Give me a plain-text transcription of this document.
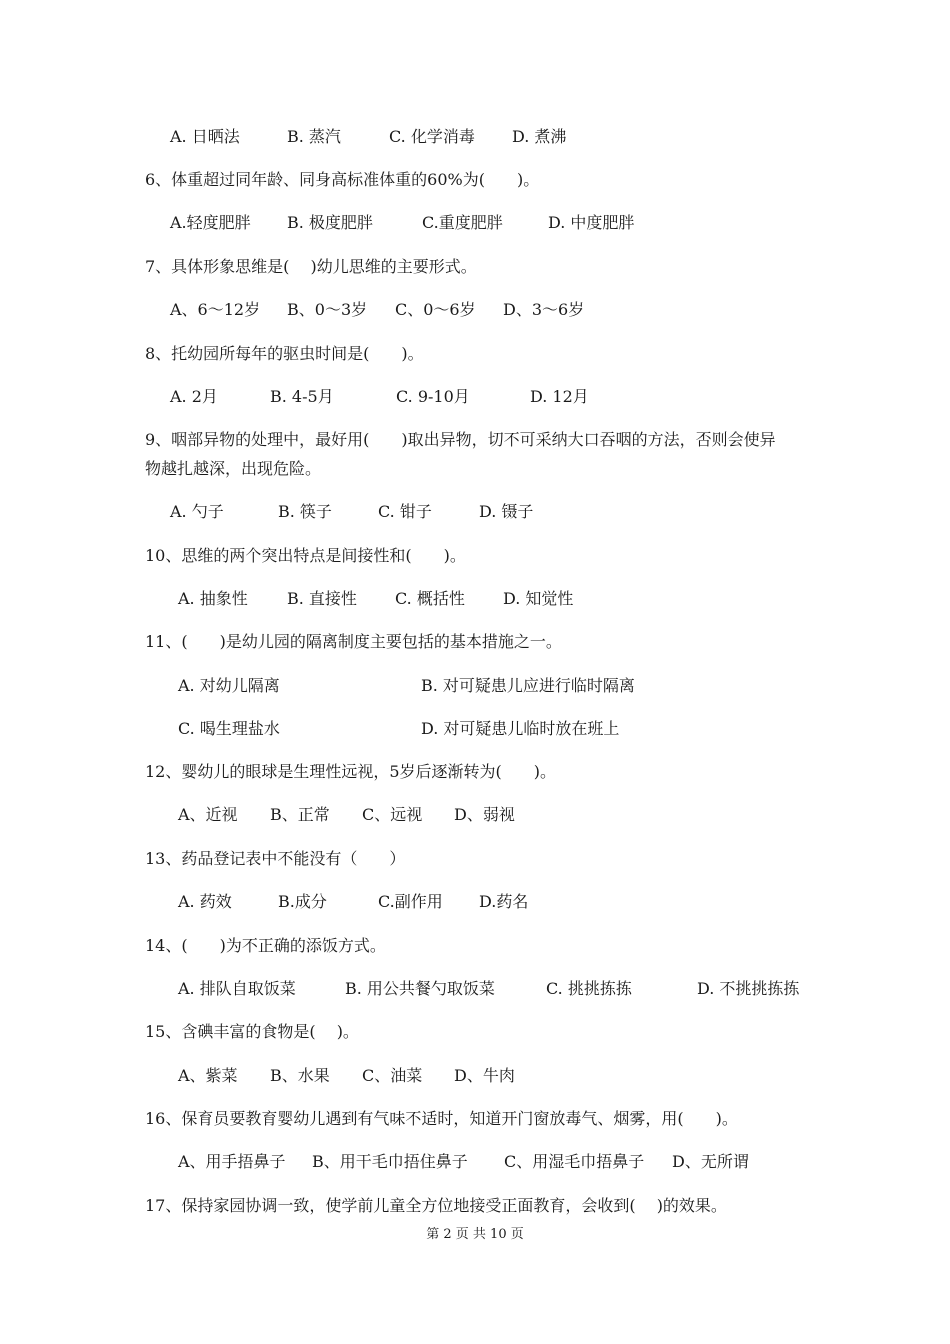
A. 日晒法	B. 蒸汽	C. 化学消毒 D. 煮沸
6、体重超过同年龄、同身高标准体重的60%为(　　)。
A.轻度肥胖 B. 极度肥胖	C.重度肥胖	D. 中度肥胖
7、具体形象思维是(　 )幼儿思维的主要形式。
A、6～12岁 B、0～3岁 C、0～6岁 D、3～6岁
8、托幼园所每年的驱虫时间是(　　)。
A. 2月	B. 4-5月	C. 9-10月	D. 12月
9、咽部异物的处理中，最好用(　　)取出异物，切不可采纳大口吞咽的方法，否则会使异
物越扎越深，出现危险。
A. 勺子	B. 筷子	C. 钳子	D. 镊子
10、思维的两个突出特点是间接性和(　　)。
A. 抽象性 B. 直接性 C. 概括性 D. 知觉性
11、(　　)是幼儿园的隔离制度主要包括的基本措施之一。
A. 对幼儿隔离	B. 对可疑患儿应进行临时隔离
C. 喝生理盐水	D. 对可疑患儿临时放在班上
12、婴幼儿的眼球是生理性远视，5岁后逐渐转为(　　)。
A、近视 B、正常 C、远视 D、弱视
13、药品登记表中不能没有（　　）
A. 药效	B.成分	C.副作用 D.药名
14、(　　)为不正确的添饭方式。
A. 排队自取饭菜	B. 用公共餐勺取饭菜	C. 挑挑拣拣	D. 不挑挑拣拣
15、含碘丰富的食物是(　 )。
A、紫菜 B、水果 C、油菜 D、牛肉
16、保育员要教育婴幼儿遇到有气味不适时，知道开门窗放毒气、烟雾，用(　　)。
A、用手捂鼻子 B、用干毛巾捂住鼻子 C、用湿毛巾捂鼻子 D、无所谓
17、保持家园协调一致，使学前儿童全方位地接受正面教育，会收到(　 )的效果。
第 2 页 共 10 页
